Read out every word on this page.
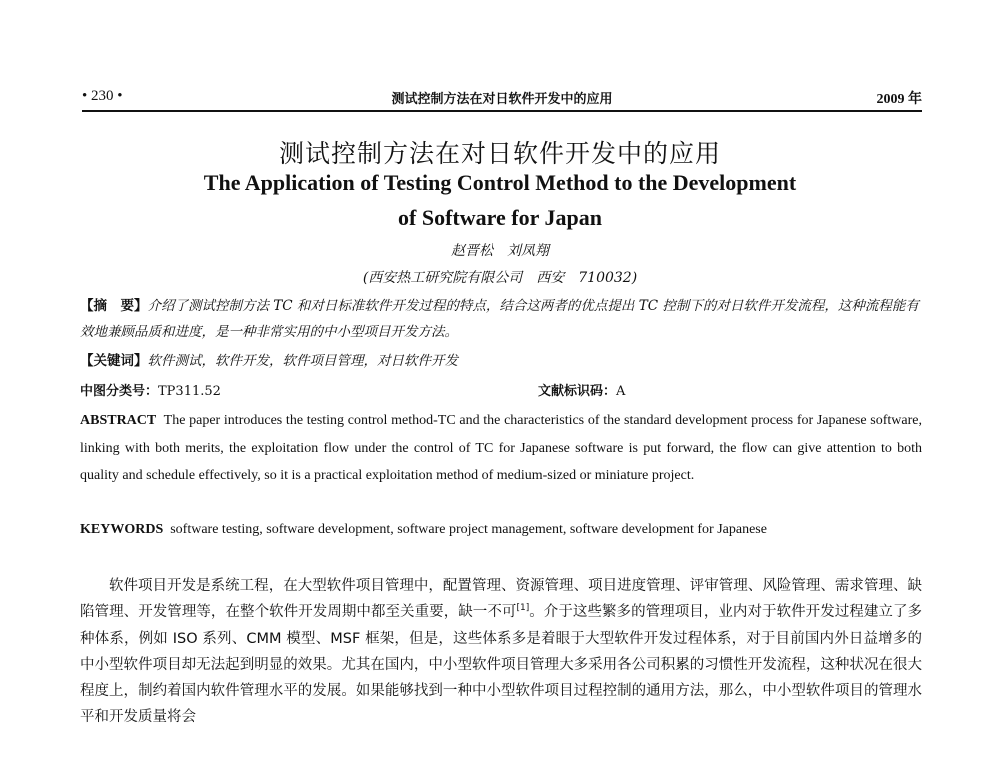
• 230 •	测试控制方法在对日软件开发中的应用	2009 年
测试控制方法在对日软件开发中的应用
The Application of Testing Control Method to the Development
of Software for Japan
赵晋松　刘凤翔
(西安热工研究院有限公司　西安　710032)
【摘　要】介绍了测试控制方法 TC 和对日标准软件开发过程的特点，结合这两者的优点提出 TC 控制下的对日软件开发流程，这种流程能有效地兼顾品质和进度，是一种非常实用的中小型项目开发方法。
【关键词】软件测试，软件开发，软件项目管理，对日软件开发
中图分类号：TP311.52	文献标识码：A
ABSTRACT The paper introduces the testing control method-TC and the characteristics of the standard development process for Japanese software, linking with both merits, the exploitation flow under the control of TC for Japanese software is put forward, the flow can give attention to both quality and schedule effectively, so it is a practical exploitation method of medium-sized or miniature project.
KEYWORDS software testing, software development, software project management, software development for Japanese

软件项目开发是系统工程，在大型软件项目管理中，配置管理、资源管理、项目进度管理、评审管理、风险管理、需求管理、缺陷管理、开发管理等，在整个软件开发周期中都至关重要，缺一不可[1]。介于这些繁多的管理项目，业内对于软件开发过程建立了多种体系，例如 ISO 系列、CMM 模型、MSF 框架，但是，这些体系多是着眼于大型软件开发过程体系，对于目前国内外日益增多的中小型软件项目却无法起到明显的效果。尤其在国内，中小型软件项目管理大多采用各公司积累的习惯性开发流程，这种状况在很大程度上，制约着国内软件管理水平的发展。如果能够找到一种中小型软件项目过程控制的通用方法，那么，中小型软件项目的管理水平和开发质量将会
